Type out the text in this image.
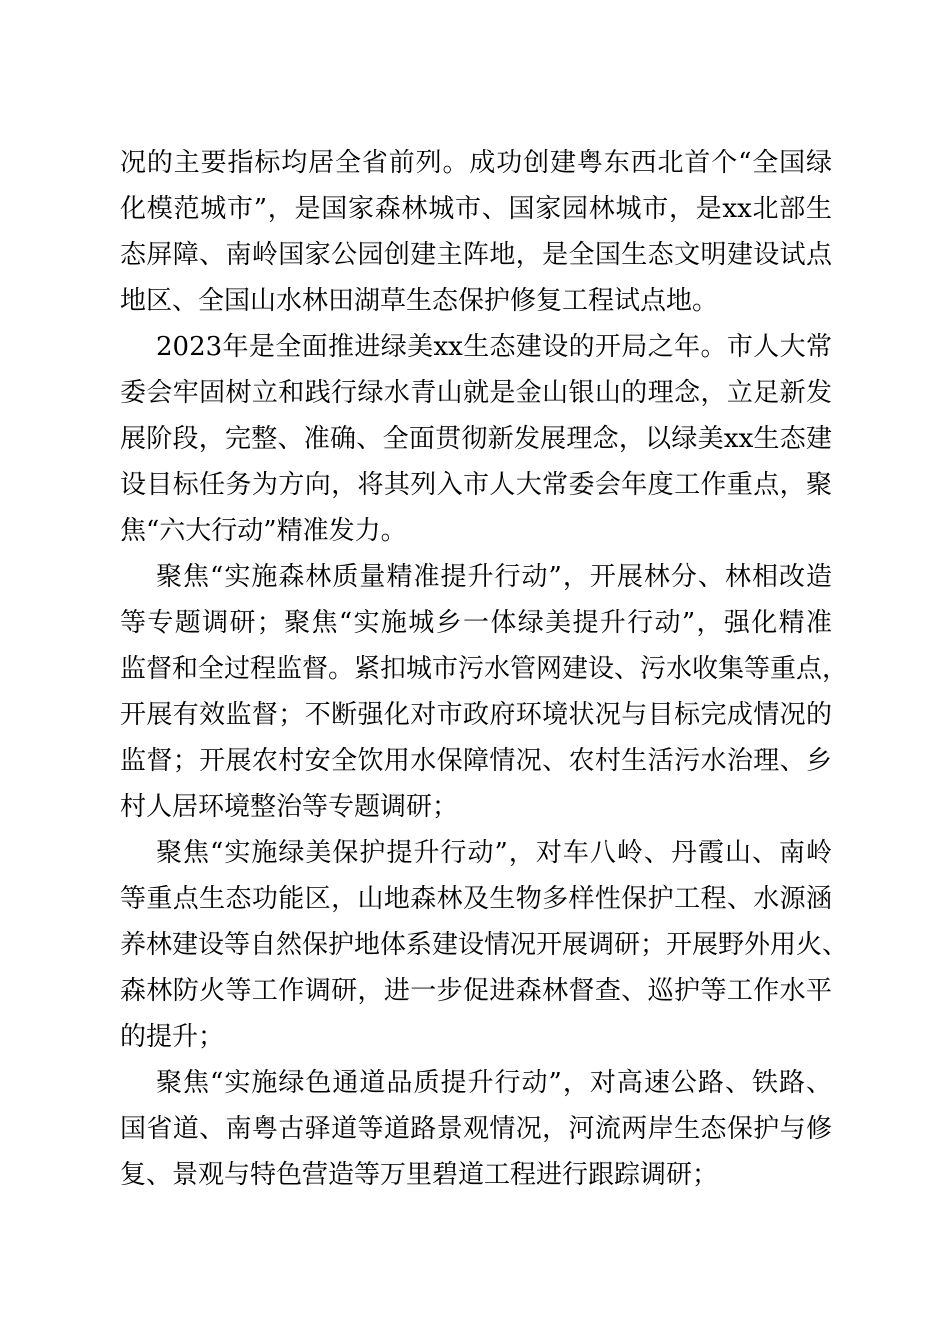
况的主要指标均居全省前列。成功创建粤东西北首个“全国绿
化模范城市”，是国家森林城市、国家园林城市，是xx北部生
态屏障、南岭国家公园创建主阵地，是全国生态文明建设试点
地区、全国山水林田湖草生态保护修复工程试点地。
2023年是全面推进绿美xx生态建设的开局之年。市人大常
委会牢固树立和践行绿水青山就是金山银山的理念，立足新发
展阶段，完整、准确、全面贯彻新发展理念，以绿美xx生态建
设目标任务为方向，将其列入市人大常委会年度工作重点，聚
焦“六大行动”精准发力。
聚焦“实施森林质量精准提升行动”，开展林分、林相改造
等专题调研；聚焦“实施城乡一体绿美提升行动”，强化精准
监督和全过程监督。紧扣城市污水管网建设、污水收集等重点，
开展有效监督；不断强化对市政府环境状况与目标完成情况的
监督；开展农村安全饮用水保障情况、农村生活污水治理、乡
村人居环境整治等专题调研；
聚焦“实施绿美保护提升行动”，对车八岭、丹霞山、南岭
等重点生态功能区，山地森林及生物多样性保护工程、水源涵
养林建设等自然保护地体系建设情况开展调研；开展野外用火、
森林防火等工作调研，进一步促进森林督查、巡护等工作水平
的提升；
聚焦“实施绿色通道品质提升行动”，对高速公路、铁路、
国省道、南粤古驿道等道路景观情况，河流两岸生态保护与修
复、景观与特色营造等万里碧道工程进行跟踪调研；
